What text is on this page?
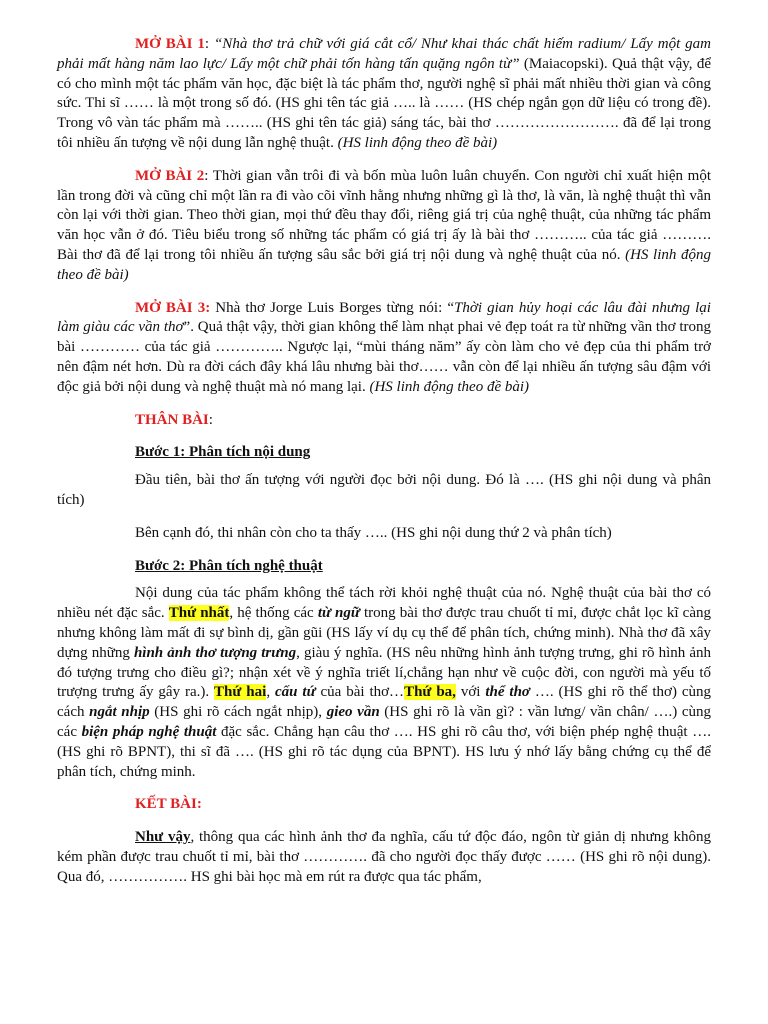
MỞ BÀI 1: “Nhà thơ trả chữ với giá cắt cổ/ Như khai thác chất hiếm radium/ Lấy một gam phải mất hàng năm lao lực/ Lấy một chữ phải tốn hàng tấn quặng ngôn từ” (Maiacopski). Quả thật vậy, để có cho mình một tác phẩm văn học, đặc biệt là tác phẩm thơ, người nghệ sĩ phải mất nhiều thời gian và công sức. Thi sĩ …… là một trong số đó. (HS ghi tên tác giả ….. là …… (HS chép ngắn gọn dữ liệu có trong đề). Trong vô vàn tác phẩm mà …….. (HS ghi tên tác giả) sáng tác, bài thơ ……………………. đã để lại trong tôi nhiều ấn tượng về nội dung lẫn nghệ thuật. (HS linh động theo đề bài)

MỞ BÀI 2: Thời gian vẫn trôi đi và bốn mùa luôn luân chuyển. Con người chỉ xuất hiện một lần trong đời và cũng chỉ một lần ra đi vào cõi vĩnh hằng nhưng những gì là thơ, là văn, là nghệ thuật thì vẫn còn lại với thời gian. Theo thời gian, mọi thứ đều thay đổi, riêng giá trị của nghệ thuật, của những tác phẩm văn học vẫn ở đó. Tiêu biểu trong số những tác phẩm có giá trị ấy là bài thơ ……….. của tác giả ………. Bài thơ đã để lại trong tôi nhiều ấn tượng sâu sắc bởi giá trị nội dung và nghệ thuật của nó. (HS linh động theo đề bài)

MỞ BÀI 3: Nhà thơ Jorge Luis Borges từng nói: “Thời gian hủy hoại các lâu đài nhưng lại làm giàu các vần thơ”. Quả thật vậy, thời gian không thể làm nhạt phai vẻ đẹp toát ra từ những vần thơ trong bài ………… của tác giả ………….. Ngược lại, “mùi tháng năm” ấy còn làm cho vẻ đẹp của thi phẩm trở nên đậm nét hơn. Dù ra đời cách đây khá lâu nhưng bài thơ…… vẫn còn để lại nhiều ấn tượng sâu đậm với độc giả bởi nội dung và nghệ thuật mà nó mang lại. (HS linh động theo đề bài)

THÂN BÀI:

Bước 1: Phân tích nội dung

Đầu tiên, bài thơ ấn tượng với người đọc bởi nội dung. Đó là …. (HS ghi nội dung và phân tích)

Bên cạnh đó, thi nhân còn cho ta thấy ….. (HS ghi nội dung thứ 2 và phân tích)

Bước 2: Phân tích nghệ thuật

Nội dung của tác phẩm không thể tách rời khỏi nghệ thuật của nó. Nghệ thuật của bài thơ có nhiều nét đặc sắc. Thứ nhất, hệ thống các từ ngữ trong bài thơ được trau chuốt tỉ mỉ, được chắt lọc kĩ càng nhưng không làm mất đi sự bình dị, gần gũi (HS lấy ví dụ cụ thể để phân tích, chứng minh). Nhà thơ đã xây dựng những hình ảnh thơ tượng trưng, giàu ý nghĩa. (HS nêu những hình ảnh tượng trưng, ghi rõ hình ảnh đó tượng trưng cho điều gì?; nhận xét về ý nghĩa triết lí,chẳng hạn như về cuộc đời, con người mà yếu tố trượng trưng ấy gây ra.). Thứ hai, cấu tứ của bài thơ…Thứ ba, với thể thơ …. (HS ghi rõ thể thơ) cùng cách ngắt nhịp (HS ghi rõ cách ngắt nhịp), gieo vần (HS ghi rõ là vần gì? : vần lưng/ vần chân/ ….) cùng các biện pháp nghệ thuật đặc sắc. Chẳng hạn câu thơ …. HS ghi rõ câu thơ, với biện phép nghệ thuật …. (HS ghi rõ BPNT), thi sĩ đã …. (HS ghi rõ tác dụng của BPNT). HS lưu ý nhớ lấy bằng chứng cụ thể để phân tích, chứng minh.

KẾT BÀI:

Như vậy, thông qua các hình ảnh thơ đa nghĩa, cấu tứ độc đáo, ngôn từ giản dị nhưng không kém phần được trau chuốt tỉ mỉ, bài thơ …………. đã cho người đọc thấy được …… (HS ghi rõ nội dung). Qua đó, ……………. HS ghi bài học mà em rút ra được qua tác phẩm,
